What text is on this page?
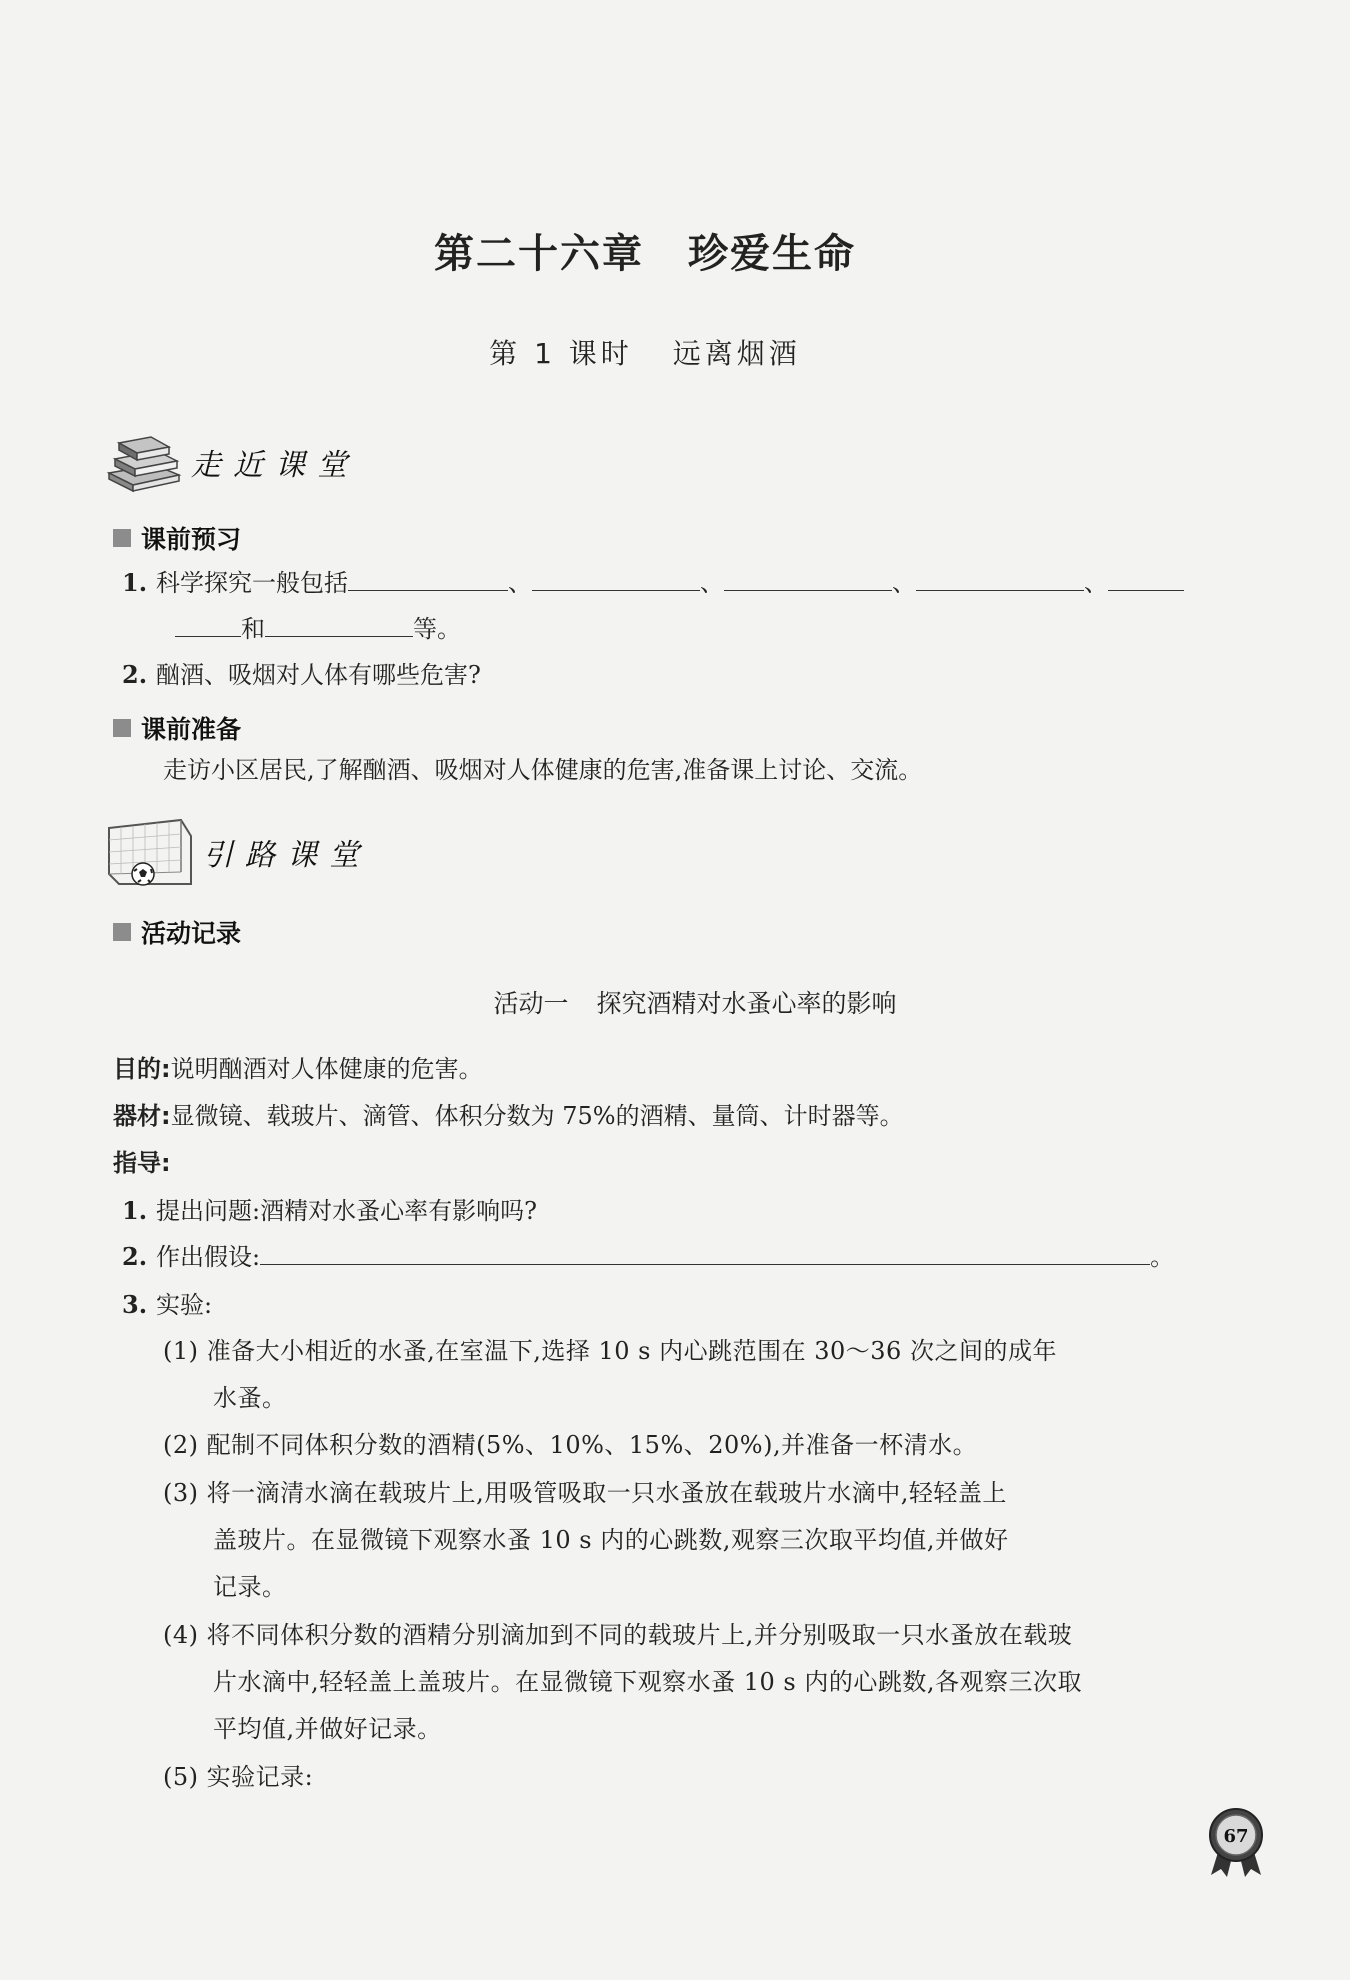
第二十六章 珍爱生命
第 1 课时 远离烟酒
走近课堂
课前预习
1. 科学探究一般包括	、	、	、	、
和	等。
2. 酗酒、吸烟对人体有哪些危害?
课前准备
走访小区居民,了解酗酒、吸烟对人体健康的危害,准备课上讨论、交流。
引路课堂
活动记录
活动一 探究酒精对水蚤心率的影响
目的:说明酗酒对人体健康的危害。
器材:显微镜、载玻片、滴管、体积分数为 75%的酒精、量筒、计时器等。
指导:
1. 提出问题:酒精对水蚤心率有影响吗?
2. 作出假设:	。
3. 实验:
(1) 准备大小相近的水蚤,在室温下,选择 10 s 内心跳范围在 30～36 次之间的成年
水蚤。
(2) 配制不同体积分数的酒精(5%、10%、15%、20%),并准备一杯清水。
(3) 将一滴清水滴在载玻片上,用吸管吸取一只水蚤放在载玻片水滴中,轻轻盖上
盖玻片。在显微镜下观察水蚤 10 s 内的心跳数,观察三次取平均值,并做好
记录。
(4) 将不同体积分数的酒精分别滴加到不同的载玻片上,并分别吸取一只水蚤放在载玻
片水滴中,轻轻盖上盖玻片。在显微镜下观察水蚤 10 s 内的心跳数,各观察三次取
平均值,并做好记录。
(5) 实验记录:
67
